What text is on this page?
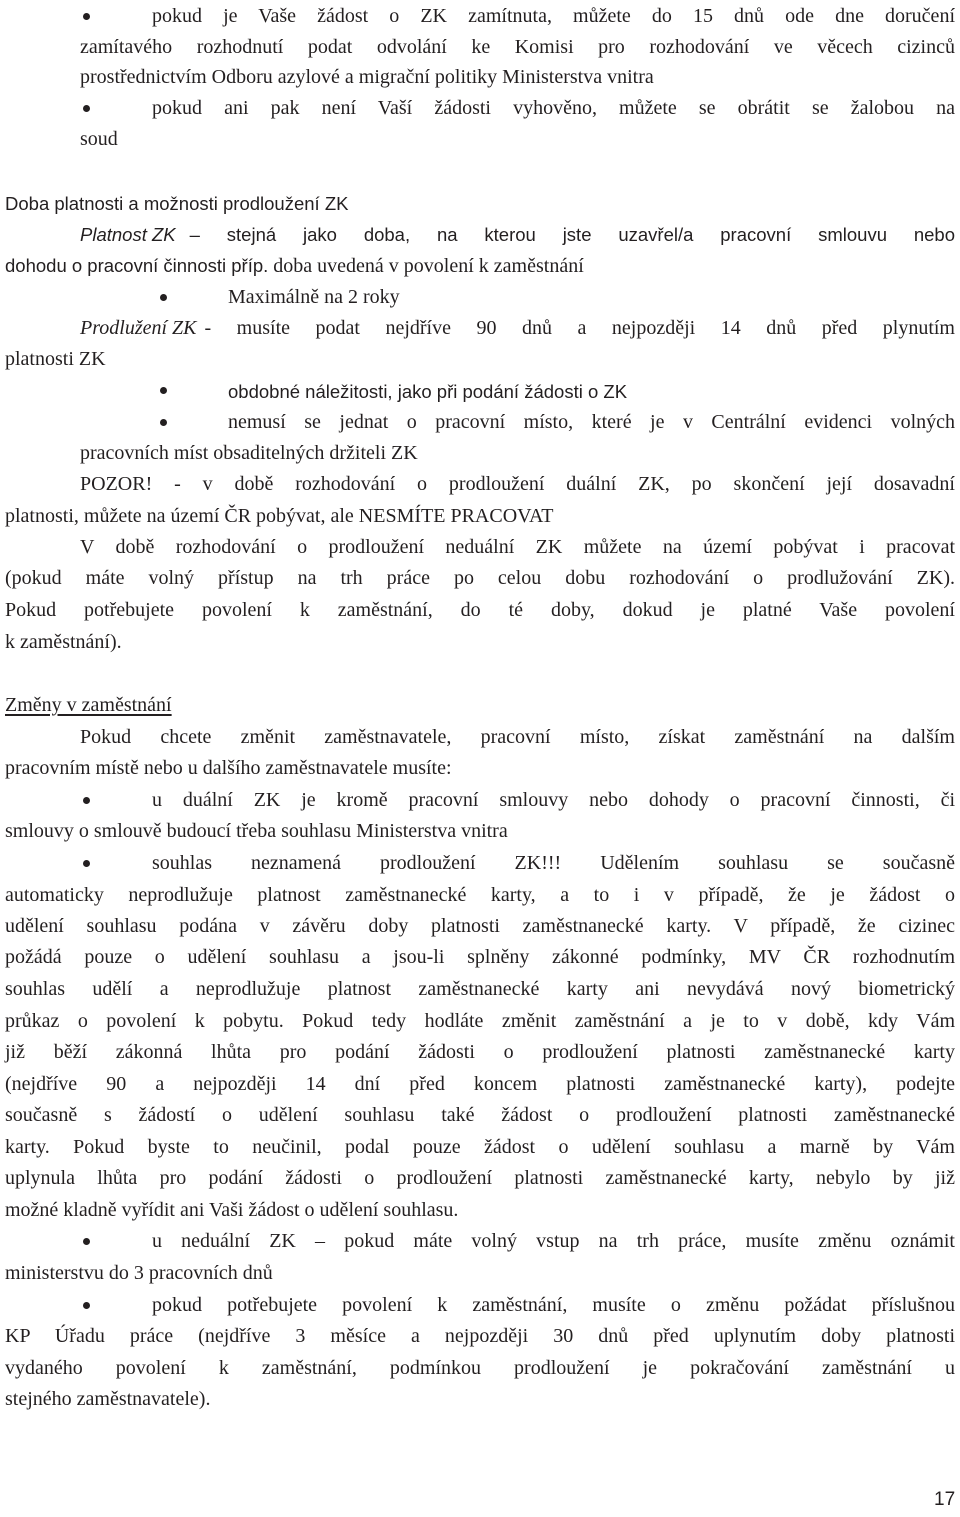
pokud je Vaše žádost o ZK zamítnuta, můžete do 15 dnů ode dne doručení
zamítavého rozhodnutí podat odvolání ke Komisi pro rozhodování ve věcech cizinců
prostřednictvím Odboru azylové a migrační politiky Ministerstva vnitra
pokud ani pak není Vaší žádosti vyhověno, můžete se obrátit se žalobou na
soud
Doba platnosti a možnosti prodloužení ZK
Platnost ZK – stejná jako doba, na kterou jste uzavřel/a pracovní smlouvu nebo
dohodu o pracovní činnosti příp. doba uvedená v povolení k zaměstnání
Maximálně na 2 roky
Prodlužení ZK - musíte podat nejdříve 90 dnů a nejpozději 14 dnů před plynutím
platnosti ZK
obdobné náležitosti, jako při podání žádosti o ZK
nemusí se jednat o pracovní místo, které je v Centrální evidenci volných
pracovních míst obsaditelných držiteli ZK
POZOR! - v době rozhodování o prodloužení duální ZK, po skončení její dosavadní
platnosti, můžete na území ČR pobývat, ale NESMÍTE PRACOVAT
V době rozhodování o prodloužení neduální ZK můžete na území pobývat i pracovat
(pokud máte volný přístup na trh práce po celou dobu rozhodování o prodlužování ZK).
Pokud potřebujete povolení k zaměstnání, do té doby, dokud je platné Vaše povolení
k zaměstnání).
Změny v zaměstnání
Pokud chcete změnit zaměstnavatele, pracovní místo, získat zaměstnání na dalším
pracovním místě nebo u dalšího zaměstnavatele musíte:
u duální ZK je kromě pracovní smlouvy nebo dohody o pracovní činnosti, či
smlouvy o smlouvě budoucí třeba souhlasu Ministerstva vnitra
souhlas neznamená prodloužení ZK!!! Udělením souhlasu se současně
automaticky neprodlužuje platnost zaměstnanecké karty, a to i v případě, že je žádost o
udělení souhlasu podána v závěru doby platnosti zaměstnanecké karty. V případě, že cizinec
požádá pouze o udělení souhlasu a jsou-li splněny zákonné podmínky, MV ČR rozhodnutím
souhlas udělí a neprodlužuje platnost zaměstnanecké karty ani nevydává nový biometrický
průkaz o povolení k pobytu. Pokud tedy hodláte změnit zaměstnání a je to v době, kdy Vám
již běží zákonná lhůta pro podání žádosti o prodloužení platnosti zaměstnanecké karty
(nejdříve 90 a nejpozději 14 dní před koncem platnosti zaměstnanecké karty), podejte
současně s žádostí o udělení souhlasu také žádost o prodloužení platnosti zaměstnanecké
karty. Pokud byste to neučinil, podal pouze žádost o udělení souhlasu a marně by Vám
uplynula lhůta pro podání žádosti o prodloužení platnosti zaměstnanecké karty, nebylo by již
možné kladně vyřídit ani Vaši žádost o udělení souhlasu.
u neduální ZK – pokud máte volný vstup na trh práce, musíte změnu oznámit
ministerstvu do 3 pracovních dnů
pokud potřebujete povolení k zaměstnání, musíte o změnu požádat příslušnou
KP Úřadu práce (nejdříve 3 měsíce a nejpozději 30 dnů před uplynutím doby platnosti
vydaného povolení k zaměstnání, podmínkou prodloužení je pokračování zaměstnání u
stejného zaměstnavatele).
17
